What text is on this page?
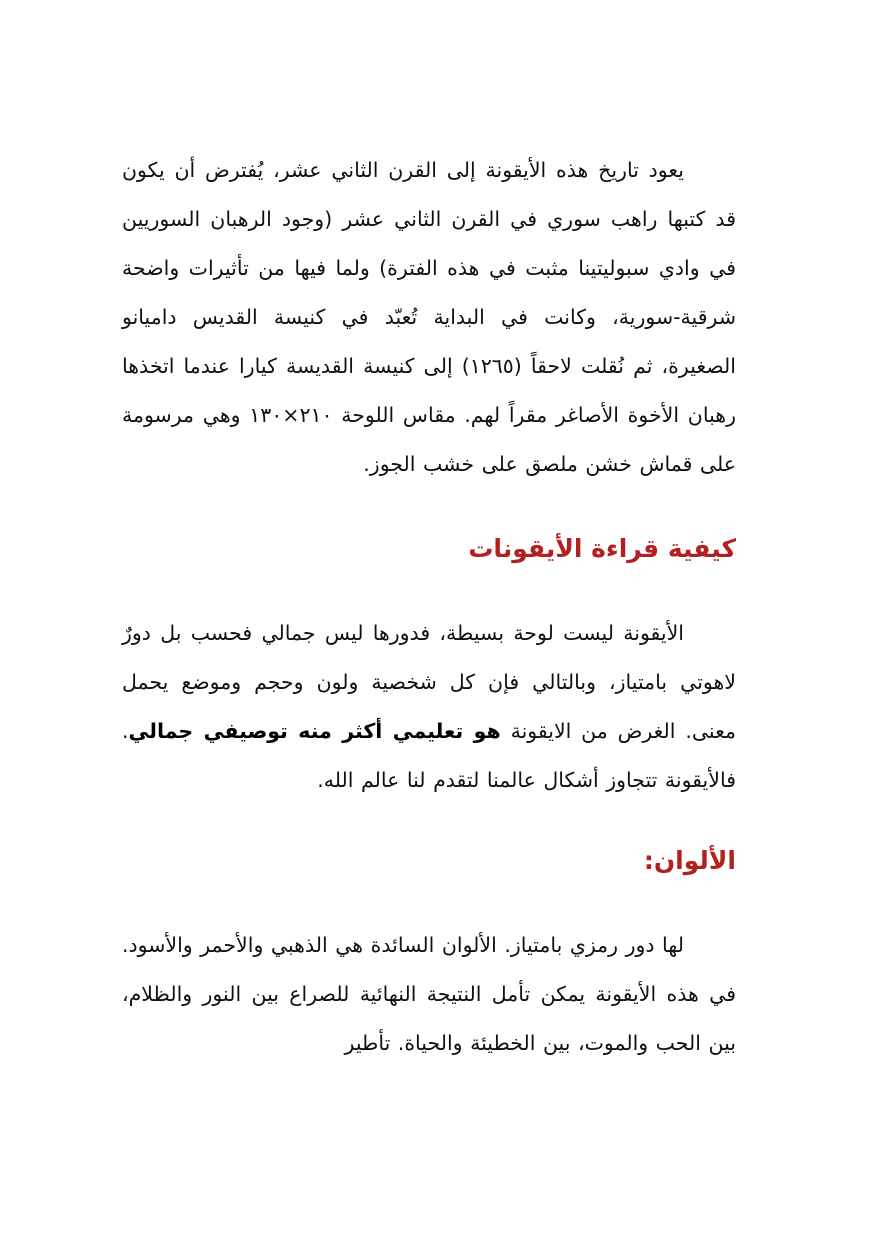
يعود تاريخ هذه الأيقونة إلى القرن الثاني عشر، يُفترض أن يكون قد كتبها راهب سوري في القرن الثاني عشر (وجود الرهبان السوريين في وادي سبوليتينا مثبت في هذه الفترة) ولما فيها من تأثيرات واضحة شرقية-سورية، وكانت في البداية تُعبّد في كنيسة القديس داميانو الصغيرة، ثم نُقلت لاحقاً (١٢٦٥) إلى كنيسة القديسة كيارا عندما اتخذها رهبان الأخوة الأصاغر مقراً لهم. مقاس اللوحة ٢١٠×١٣٠ وهي مرسومة على قماش خشن ملصق على خشب الجوز.

كيفية قراءة الأيقونات

الأيقونة ليست لوحة بسيطة، فدورها ليس جمالي فحسب بل دورٌ لاهوتي بامتياز، وبالتالي فإن كل شخصية ولون وحجم وموضع يحمل معنى. الغرض من الايقونة هو تعليمي أكثر منه توصيفي جمالي. فالأيقونة تتجاوز أشكال عالمنا لتقدم لنا عالم الله.

الألوان:

لها دور رمزي بامتياز. الألوان السائدة هي الذهبي والأحمر والأسود. في هذه الأيقونة يمكن تأمل النتيجة النهائية للصراع بين النور والظلام، بين الحب والموت، بين الخطيئة والحياة. تأطير
